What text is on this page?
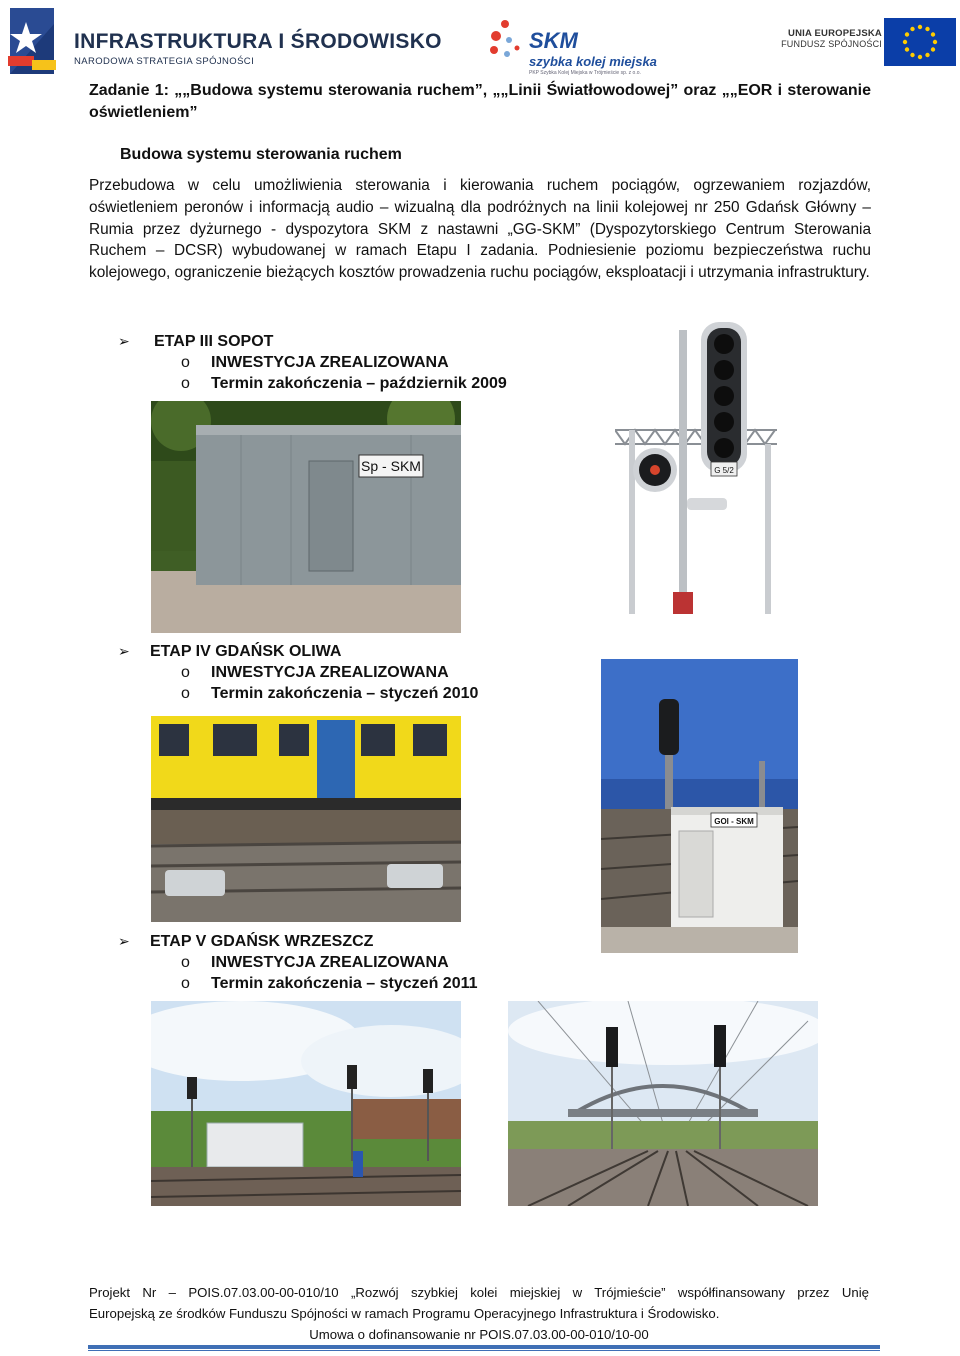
INFRASTRUKTURA I ŚRODOWISKO
NARODOWA STRATEGIA SPÓJNOŚCI
SKM
szybka kolej miejska
PKP Szybka Kolej Miejska w Trójmieście sp. z o.o.
UNIA EUROPEJSKA
FUNDUSZ SPÓJNOŚCI
Zadanie 1: „„Budowa systemu sterowania ruchem”, „„Linii Światłowodowej” oraz „„EOR i sterowanie
oświetleniem”
Budowa systemu sterowania ruchem
Przebudowa w celu umożliwienia sterowania i kierowania ruchem pociągów, ogrzewaniem rozjazdów, oświetleniem peronów i informacją audio – wizualną dla podróżnych na linii kolejowej nr 250 Gdańsk Główny – Rumia przez dyżurnego - dyspozytora SKM z nastawni „GG-SKM” (Dyspozytorskiego Centrum Sterowania Ruchem – DCSR) wybudowanej w ramach Etapu I zadania. Podniesienie poziomu bezpieczeństwa ruchu kolejowego, ograniczenie bieżących kosztów prowadzenia ruchu pociągów, eksploatacji i utrzymania infrastruktury.
➢ ETAP III SOPOT
o INWESTYCJA ZREALIZOWANA
o Termin zakończenia – październik 2009
Sp - SKM	G 5/2
➢ ETAP IV GDAŃSK OLIWA
o INWESTYCJA ZREALIZOWANA
o Termin zakończenia – styczeń 2010
GOl - SKM
➢ ETAP V GDAŃSK WRZESZCZ
o INWESTYCJA ZREALIZOWANA
o Termin zakończenia – styczeń 2011
Projekt Nr – POIS.07.03.00-00-010/10 „Rozwój szybkiej kolei miejskiej w Trójmieście” współfinansowany przez Unię
Europejską ze środków Funduszu Spójności w ramach Programu Operacyjnego Infrastruktura i Środowisko.
Umowa o dofinansowanie nr POIS.07.03.00-00-010/10-00
